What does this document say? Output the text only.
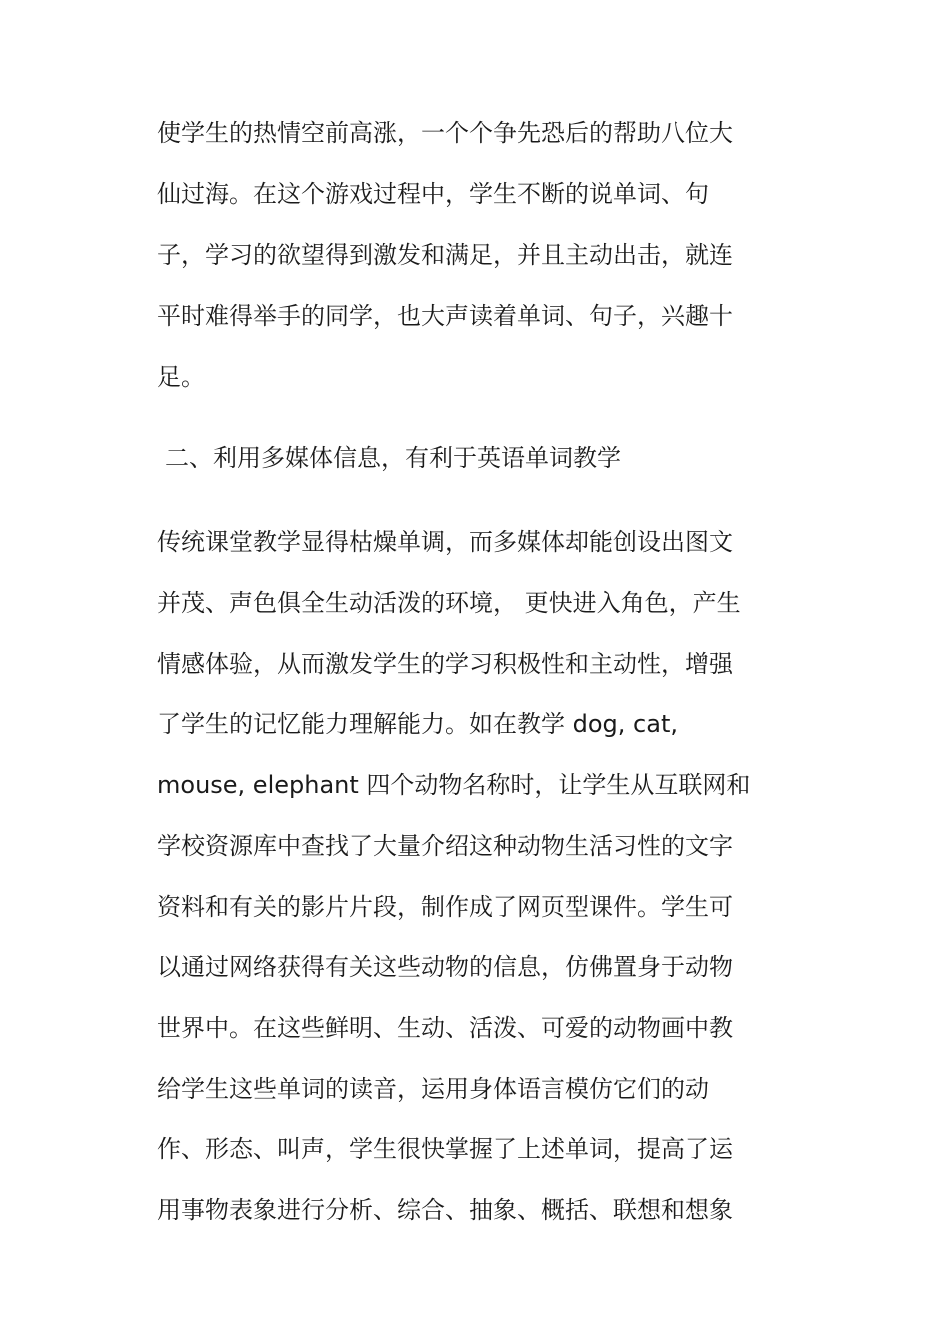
使学生的热情空前高涨，一个个争先恐后的帮助八位大
仙过海。在这个游戏过程中，学生不断的说单词、句
子，学习的欲望得到激发和满足，并且主动出击，就连
平时难得举手的同学，也大声读着单词、句子，兴趣十
足。
二、利用多媒体信息，有利于英语单词教学
传统课堂教学显得枯燥单调，而多媒体却能创设出图文
并茂、声色俱全生动活泼的环境， 更快进入角色，产生
情感体验，从而激发学生的学习积极性和主动性，增强
了学生的记忆能力理解能力。如在教学 dog, cat,
mouse, elephant 四个动物名称时，让学生从互联网和
学校资源库中查找了大量介绍这种动物生活习性的文字
资料和有关的影片片段，制作成了网页型课件。学生可
以通过网络获得有关这些动物的信息，仿佛置身于动物
世界中。在这些鲜明、生动、活泼、可爱的动物画中教
给学生这些单词的读音，运用身体语言模仿它们的动
作、形态、叫声，学生很快掌握了上述单词，提高了运
用事物表象进行分析、综合、抽象、概括、联想和想象
